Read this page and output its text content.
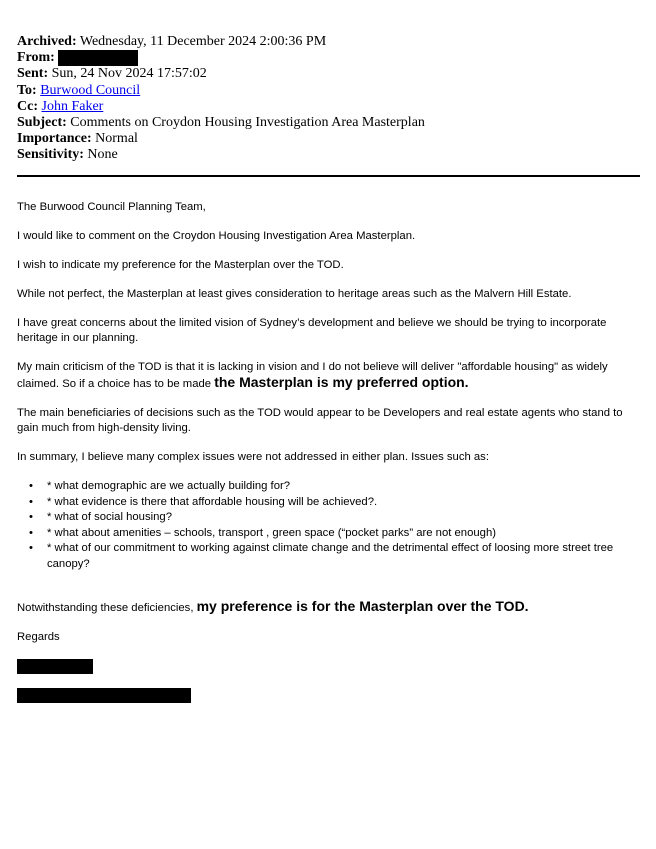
Archived: Wednesday, 11 December 2024 2:00:36 PM
From:
Sent: Sun, 24 Nov 2024 17:57:02
To: Burwood Council
Cc: John Faker
Subject: Comments on Croydon Housing Investigation Area Masterplan
Importance: Normal
Sensitivity: None

The Burwood Council Planning Team,

I would like to comment on the Croydon Housing Investigation Area Masterplan.

I wish to indicate my preference for the Masterplan over the TOD.

While not perfect, the Masterplan at least gives consideration to heritage areas such as the Malvern Hill Estate.

I have great concerns about the limited vision of Sydney’s development and believe we should be trying to incorporate heritage in our planning.

My main criticism of the TOD is that it is lacking in vision and I do not believe will deliver "affordable housing" as widely claimed. So if a choice has to be made the Masterplan is my preferred option.

The main beneficiaries of decisions such as the TOD would appear to be Developers and real estate agents who stand to gain much from high-density living.

In summary, I believe many complex issues were not addressed in either plan. Issues such as:

• * what demographic are we actually building for?
• * what evidence is there that affordable housing will be achieved?.
• * what of social housing?
• * what about amenities – schools, transport , green space (“pocket parks” are not enough)
• * what of our commitment to working against climate change and the detrimental effect of loosing more street tree canopy?

Notwithstanding these deficiencies, my preference is for the Masterplan over the TOD.

Regards
